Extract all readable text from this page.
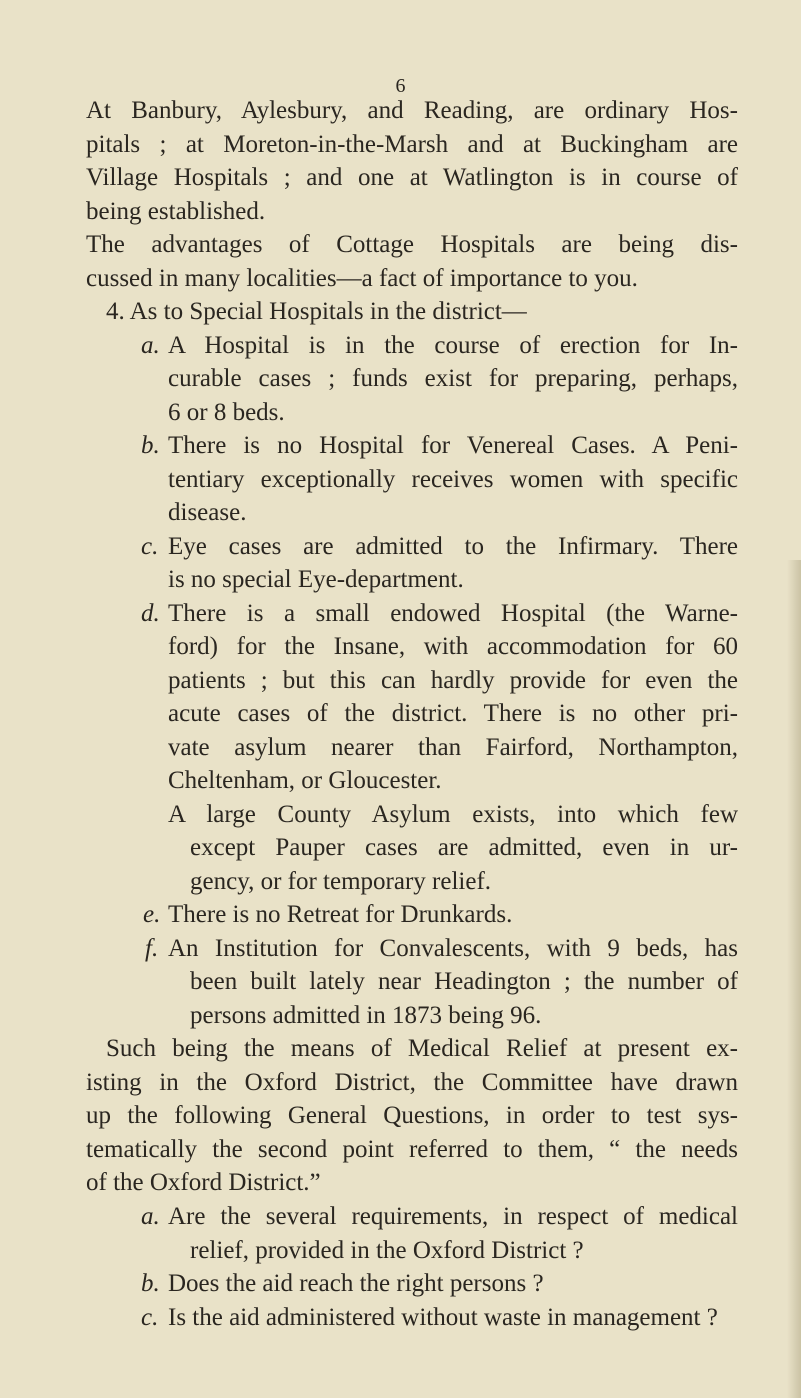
6
At Banbury, Aylesbury, and Reading, are ordinary Hos-
pitals ; at Moreton-in-the-Marsh and at Buckingham are
Village Hospitals ; and one at Watlington is in course of
being established.
The advantages of Cottage Hospitals are being dis-
cussed in many localities—a fact of importance to you.
4. As to Special Hospitals in the district—
a. A Hospital is in the course of erection for In-
curable cases ; funds exist for preparing, perhaps,
6 or 8 beds.
b. There is no Hospital for Venereal Cases. A Peni-
tentiary exceptionally receives women with specific
disease.
c. Eye cases are admitted to the Infirmary. There
is no special Eye-department.
d. There is a small endowed Hospital (the Warne-
ford) for the Insane, with accommodation for 60
patients ; but this can hardly provide for even the
acute cases of the district. There is no other pri-
vate asylum nearer than Fairford, Northampton,
Cheltenham, or Gloucester.
A large County Asylum exists, into which few
except Pauper cases are admitted, even in ur-
gency, or for temporary relief.
e. There is no Retreat for Drunkards.
f. An Institution for Convalescents, with 9 beds, has
been built lately near Headington ; the number of
persons admitted in 1873 being 96.
Such being the means of Medical Relief at present ex-
isting in the Oxford District, the Committee have drawn
up the following General Questions, in order to test sys-
tematically the second point referred to them, “ the needs
of the Oxford District.”
a. Are the several requirements, in respect of medical
relief, provided in the Oxford District ?
b. Does the aid reach the right persons ?
c. Is the aid administered without waste in management ?
